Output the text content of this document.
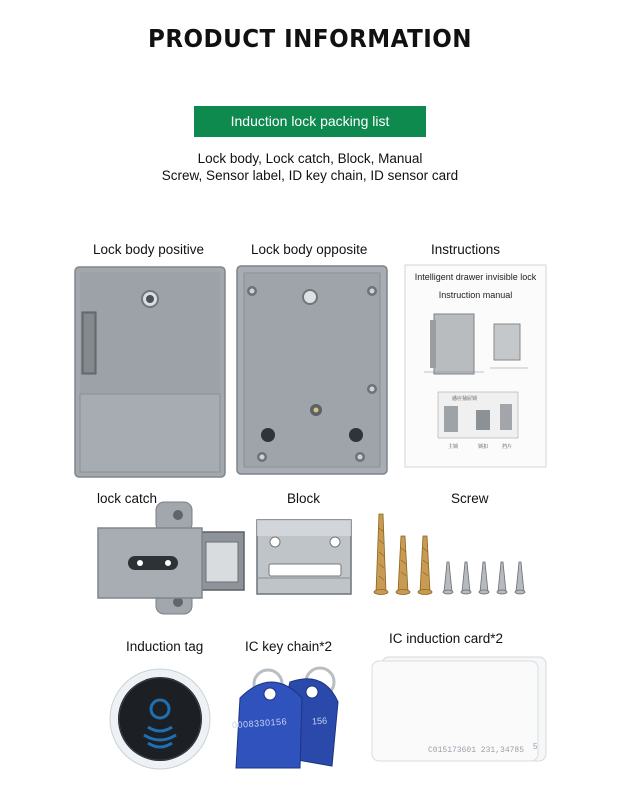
PRODUCT INFORMATION
Induction lock packing list
Lock body, Lock catch, Block, Manual
Screw, Sensor label, ID key chain, ID sensor card
Lock body positive	Lock body opposite	Instructions
感应抽屉锁
主锁	锁扣	挡片
Intelligent drawer invisible lock
Instruction manual
lock catch	Block	Screw
Induction tag	IC key chain*2
IC induction card*2
0008330156	156
C015173601 231,34785 5
